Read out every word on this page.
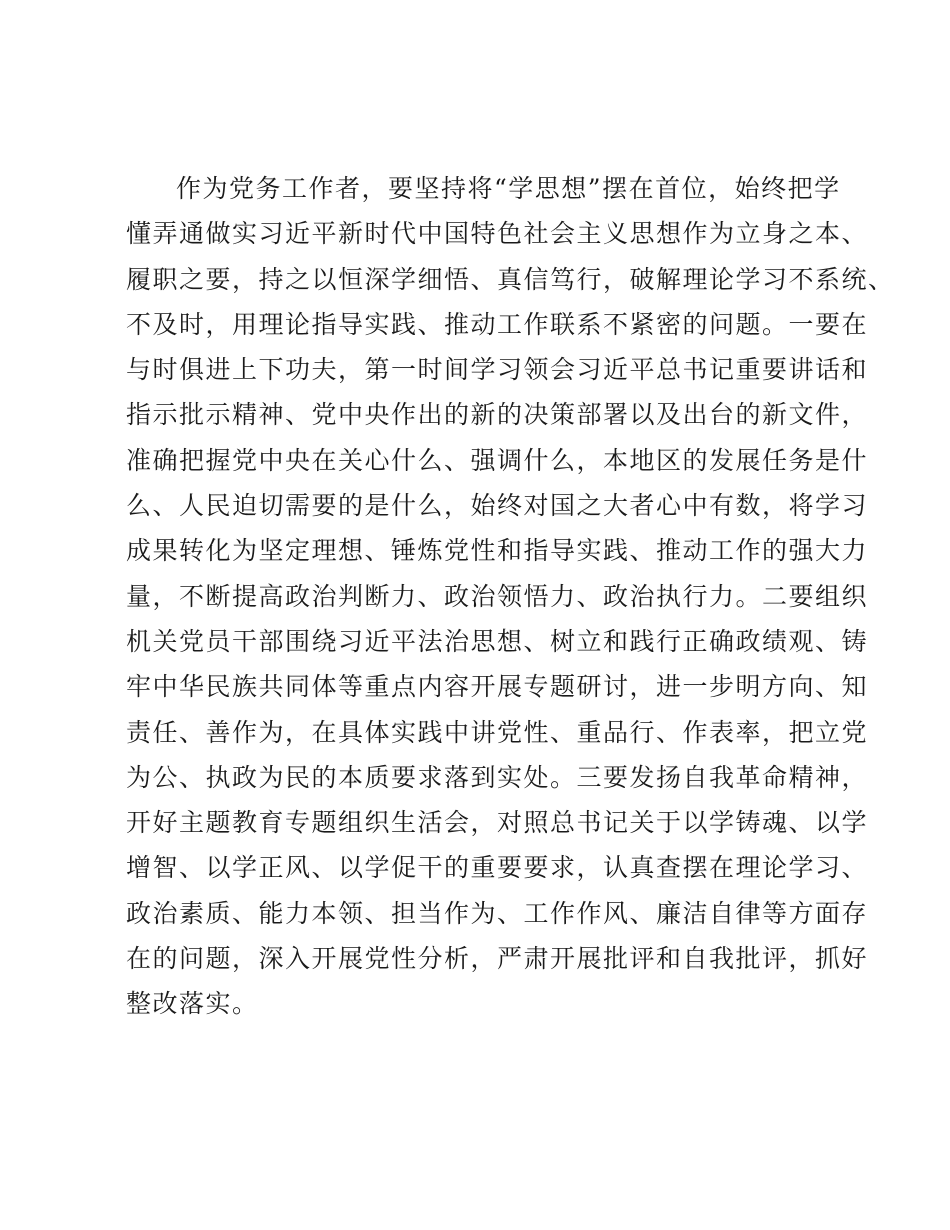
作为党务工作者，要坚持将“学思想”摆在首位，始终把学
懂弄通做实习近平新时代中国特色社会主义思想作为立身之本、
履职之要，持之以恒深学细悟、真信笃行，破解理论学习不系统、
不及时，用理论指导实践、推动工作联系不紧密的问题。一要在
与时俱进上下功夫，第一时间学习领会习近平总书记重要讲话和
指示批示精神、党中央作出的新的决策部署以及出台的新文件，
准确把握党中央在关心什么、强调什么，本地区的发展任务是什
么、人民迫切需要的是什么，始终对国之大者心中有数，将学习
成果转化为坚定理想、锤炼党性和指导实践、推动工作的强大力
量，不断提高政治判断力、政治领悟力、政治执行力。二要组织
机关党员干部围绕习近平法治思想、树立和践行正确政绩观、铸
牢中华民族共同体等重点内容开展专题研讨，进一步明方向、知
责任、善作为，在具体实践中讲党性、重品行、作表率，把立党
为公、执政为民的本质要求落到实处。三要发扬自我革命精神，
开好主题教育专题组织生活会，对照总书记关于以学铸魂、以学
增智、以学正风、以学促干的重要要求，认真查摆在理论学习、
政治素质、能力本领、担当作为、工作作风、廉洁自律等方面存
在的问题，深入开展党性分析，严肃开展批评和自我批评，抓好
整改落实。
